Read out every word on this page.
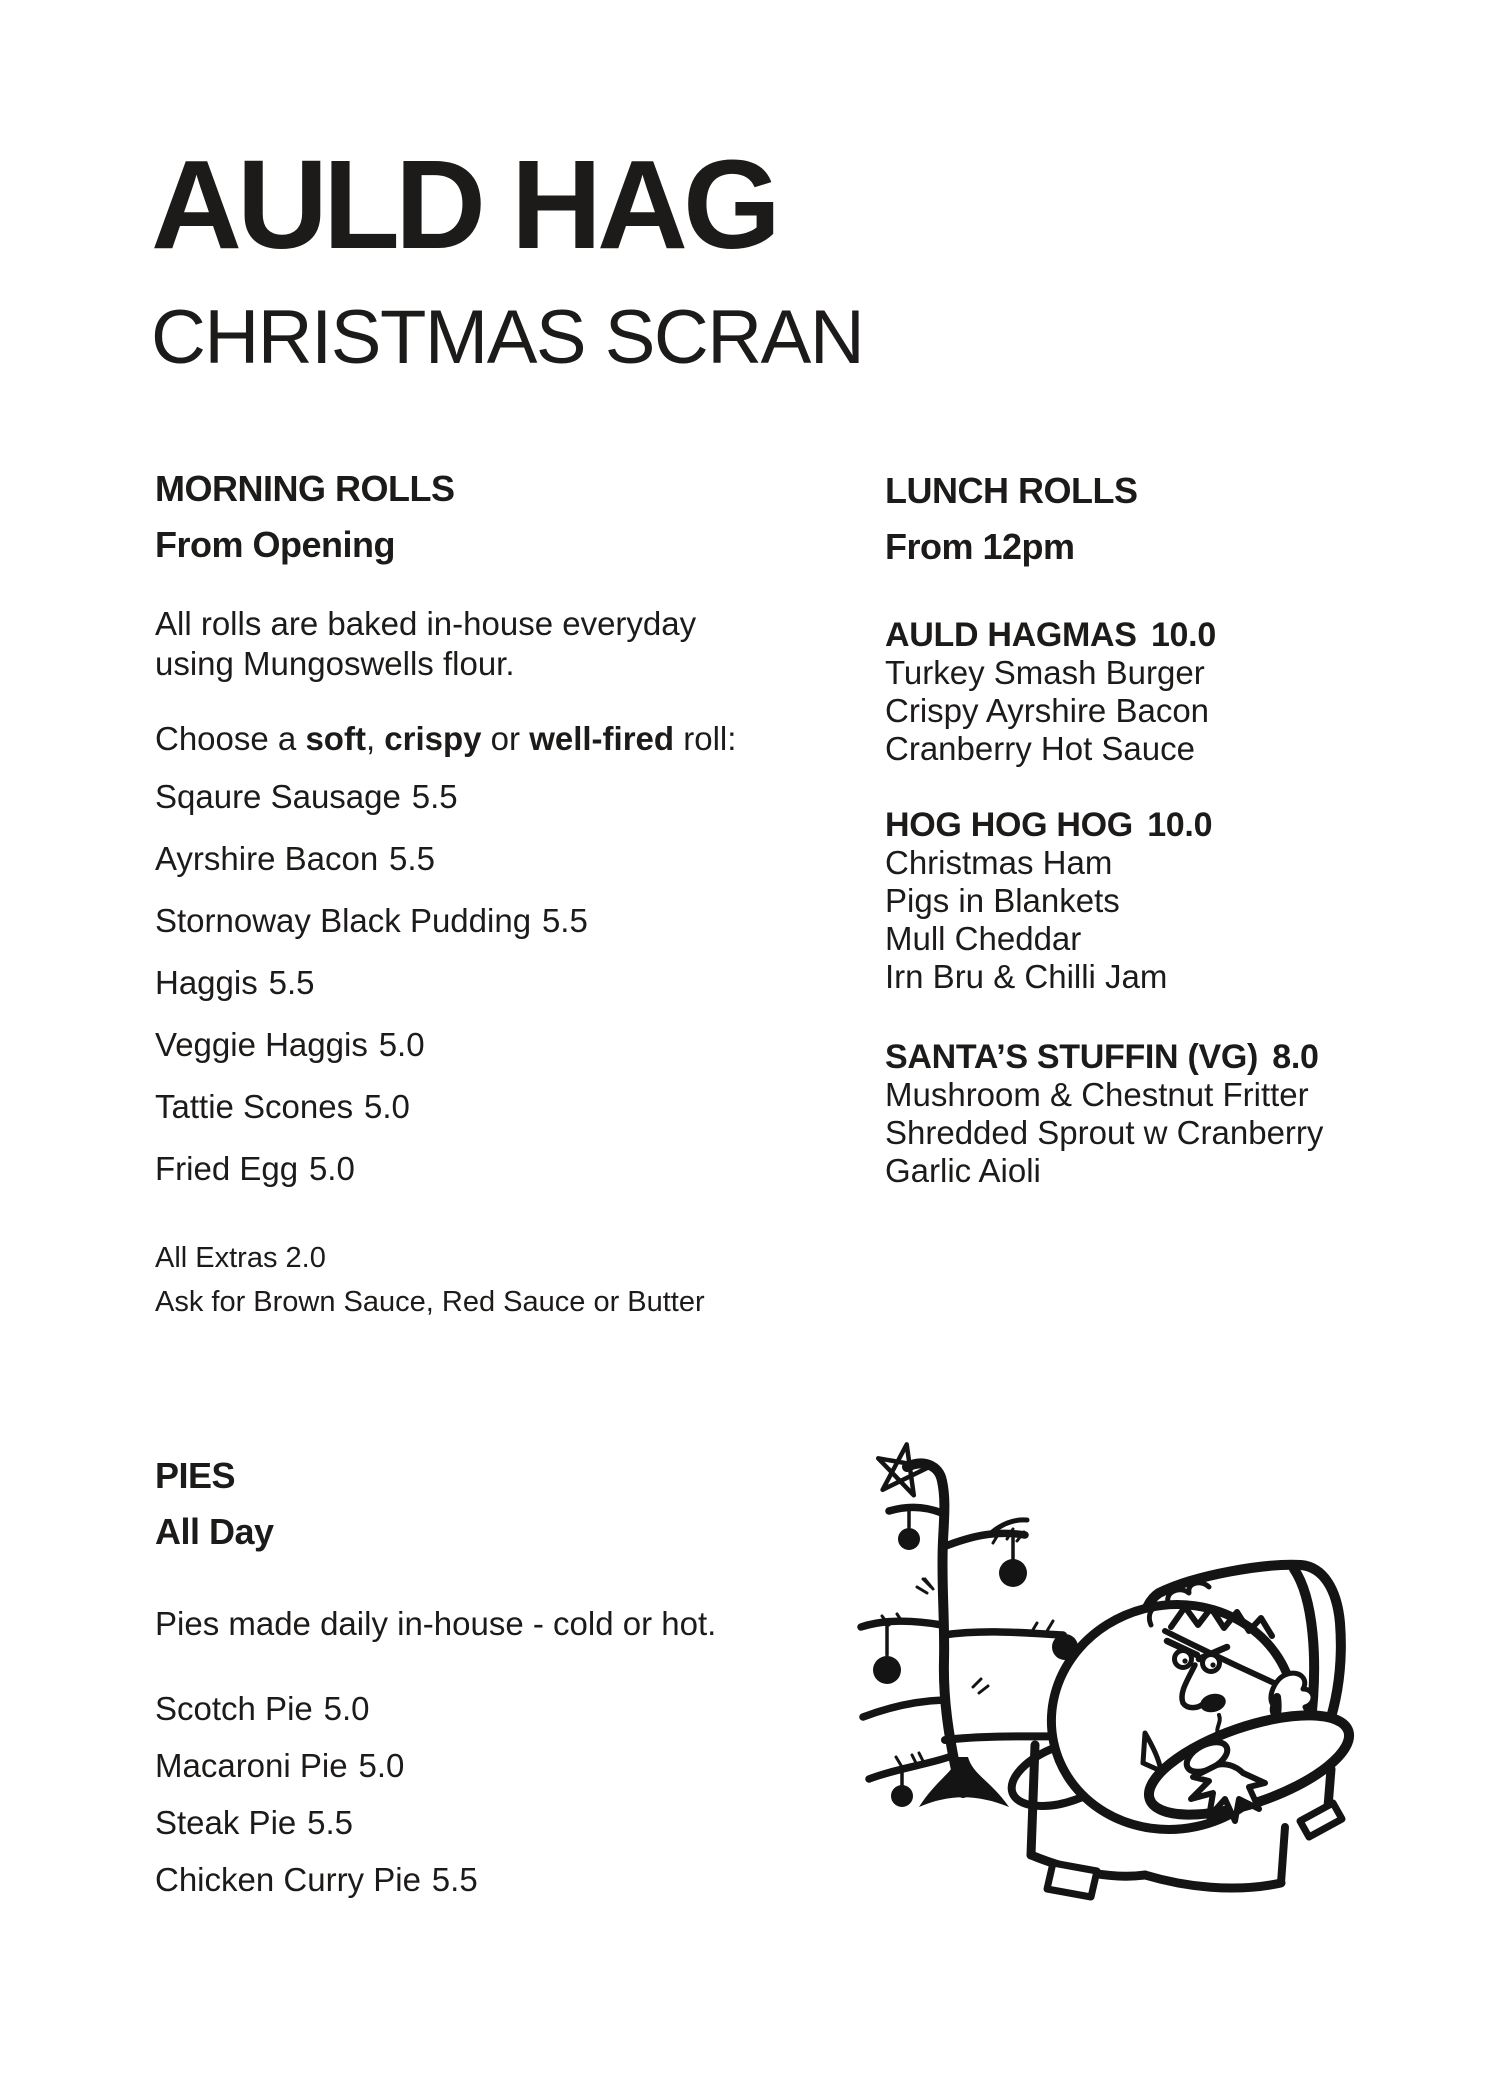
AULD HAG
CHRISTMAS SCRAN
MORNING ROLLS
From Opening
All rolls are baked in-house everyday using Mungoswells flour.
Choose a soft, crispy or well-fired roll:
Sqaure Sausage 5.5
Ayrshire Bacon 5.5
Stornoway Black Pudding 5.5
Haggis 5.5
Veggie Haggis 5.0
Tattie Scones 5.0
Fried Egg 5.0
All Extras 2.0
Ask for Brown Sauce, Red Sauce or Butter
LUNCH ROLLS
From 12pm
AULD HAGMAS 10.0
Turkey Smash Burger
Crispy Ayrshire Bacon
Cranberry Hot Sauce
HOG HOG HOG 10.0
Christmas Ham
Pigs in Blankets
Mull Cheddar
Irn Bru & Chilli Jam
SANTA’S STUFFIN (VG) 8.0
Mushroom & Chestnut Fritter
Shredded Sprout w Cranberry
Garlic Aioli
PIES
All Day
Pies made daily in-house - cold or hot.
Scotch Pie 5.0
Macaroni Pie 5.0
Steak Pie 5.5
Chicken Curry Pie 5.5
